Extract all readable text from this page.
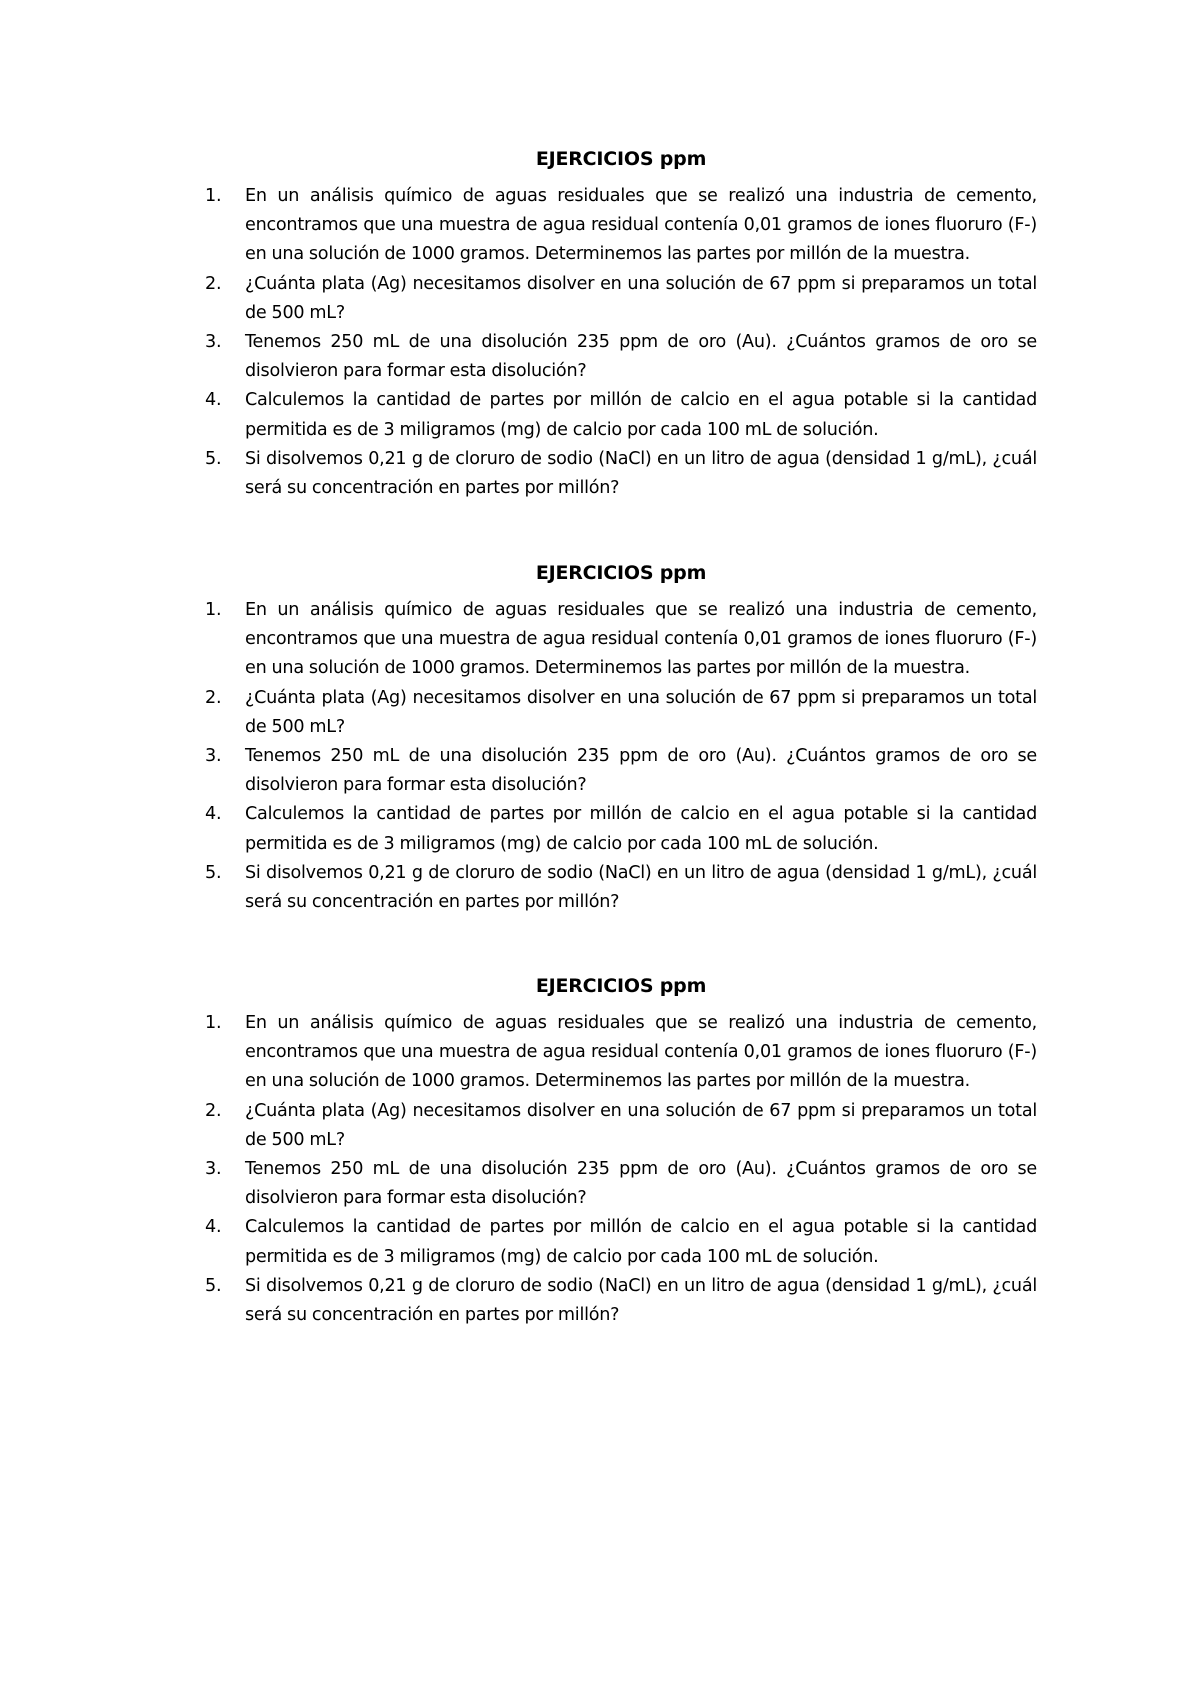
EJERCICIOS ppm
1.	En un análisis químico de aguas residuales que se realizó una industria de cemento, encontramos que una muestra de agua residual contenía 0,01 gramos de iones fluoruro (F-) en una solución de 1000 gramos. Determinemos las partes por millón de la muestra.
2.	¿Cuánta plata (Ag) necesitamos disolver en una solución de 67 ppm si preparamos un total de 500 mL?
3.	Tenemos 250 mL de una disolución 235 ppm de oro (Au). ¿Cuántos gramos de oro se disolvieron para formar esta disolución?
4.	Calculemos la cantidad de partes por millón de calcio en el agua potable si la cantidad permitida es de 3 miligramos (mg) de calcio por cada 100 mL de solución.
5.	Si disolvemos 0,21 g de cloruro de sodio (NaCl) en un litro de agua (densidad 1 g/mL), ¿cuál será su concentración en partes por millón?
EJERCICIOS ppm
1.	En un análisis químico de aguas residuales que se realizó una industria de cemento, encontramos que una muestra de agua residual contenía 0,01 gramos de iones fluoruro (F-) en una solución de 1000 gramos. Determinemos las partes por millón de la muestra.
2.	¿Cuánta plata (Ag) necesitamos disolver en una solución de 67 ppm si preparamos un total de 500 mL?
3.	Tenemos 250 mL de una disolución 235 ppm de oro (Au). ¿Cuántos gramos de oro se disolvieron para formar esta disolución?
4.	Calculemos la cantidad de partes por millón de calcio en el agua potable si la cantidad permitida es de 3 miligramos (mg) de calcio por cada 100 mL de solución.
5.	Si disolvemos 0,21 g de cloruro de sodio (NaCl) en un litro de agua (densidad 1 g/mL), ¿cuál será su concentración en partes por millón?
EJERCICIOS ppm
1.	En un análisis químico de aguas residuales que se realizó una industria de cemento, encontramos que una muestra de agua residual contenía 0,01 gramos de iones fluoruro (F-) en una solución de 1000 gramos. Determinemos las partes por millón de la muestra.
2.	¿Cuánta plata (Ag) necesitamos disolver en una solución de 67 ppm si preparamos un total de 500 mL?
3.	Tenemos 250 mL de una disolución 235 ppm de oro (Au). ¿Cuántos gramos de oro se disolvieron para formar esta disolución?
4.	Calculemos la cantidad de partes por millón de calcio en el agua potable si la cantidad permitida es de 3 miligramos (mg) de calcio por cada 100 mL de solución.
5.	Si disolvemos 0,21 g de cloruro de sodio (NaCl) en un litro de agua (densidad 1 g/mL), ¿cuál será su concentración en partes por millón?
